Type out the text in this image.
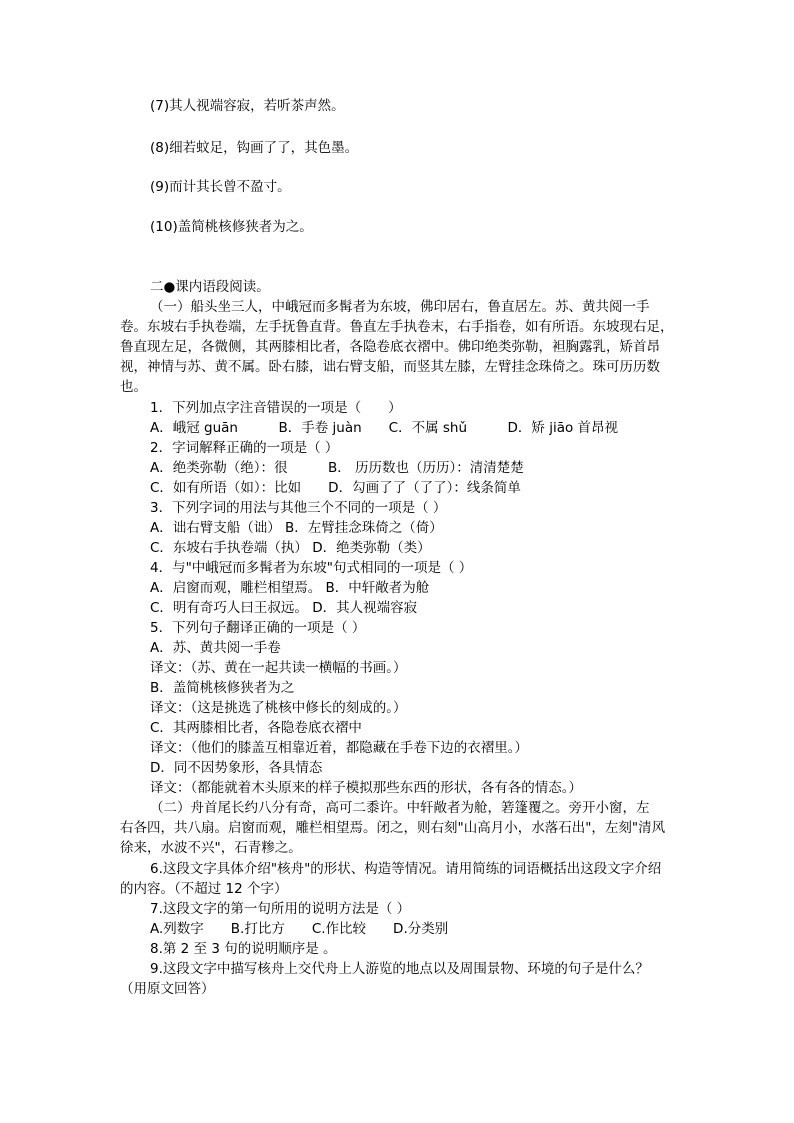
(7)其人视端容寂，若听茶声然。
(8)细若蚊足，钩画了了，其色墨。
(9)而计其长曾不盈寸。
(10)盖简桃核修狭者为之。
二●课内语段阅读。
（一）船头坐三人，中峨冠而多髯者为东坡，佛印居右，鲁直居左。苏、黄共阅一手
卷。东坡右手执卷端，左手抚鲁直背。鲁直左手执卷末，右手指卷，如有所语。东坡现右足，
鲁直现左足，各微侧，其两膝相比者，各隐卷底衣褶中。佛印绝类弥勒，袒胸露乳，矫首昂
视，神情与苏、黄不属。卧右膝，诎右臂支船，而竖其左膝，左臂挂念珠倚之。珠可历历数
也。
1．下列加点字注音错误的一项是（　　）
A．峨冠 guān　　　B．手卷 juàn　　C．不属 shǔ　　　D．矫 jiāo 首昂视
2．字词解释正确的一项是（ ）
A．绝类弥勒（绝）：很　　　B． 历历数也（历历）：清清楚楚
C．如有所语（如）：比如　　D．勾画了了（了了）：线条简单
3．下列字词的用法与其他三个不同的一项是（ ）
A．诎右臂支船（诎） B．左臂挂念珠倚之（倚）
C．东坡右手执卷端（执） D．绝类弥勒（类）
4．与"中峨冠而多髯者为东坡"句式相同的一项是（ ）
A．启窗而观，雕栏相望焉。 B．中轩敞者为舱
C．明有奇巧人曰王叔远。 D．其人视端容寂
5．下列句子翻译正确的一项是（ ）
A．苏、黄共阅一手卷
译文：（苏、黄在一起共读一横幅的书画。）
B．盖简桃核修狭者为之
译文：（这是挑选了桃核中修长的刻成的。）
C．其两膝相比者，各隐卷底衣褶中
译文：（他们的膝盖互相靠近着，都隐藏在手卷下边的衣褶里。）
D．同不因势象形，各具情态
译文：（都能就着木头原来的样子模拟那些东西的形状，各有各的情态。）
（二）舟首尾长约八分有奇，高可二黍许。中轩敞者为舱，箬篷覆之。旁开小窗，左
右各四，共八扇。启窗而观，雕栏相望焉。闭之，则右刻"山高月小，水落石出"，左刻"清风
徐来，水波不兴"，石青糁之。
6.这段文字具体介绍"核舟"的形状、构造等情况。请用简练的词语概括出这段文字介绍
的内容。（不超过 12 个字）
7.这段文字的第一句所用的说明方法是（ ）
A.列数字　　B.打比方　　C.作比较　　D.分类别
8.第 2 至 3 句的说明顺序是 。
9.这段文字中描写核舟上交代舟上人游览的地点以及周围景物、环境的句子是什么？
（用原文回答）
